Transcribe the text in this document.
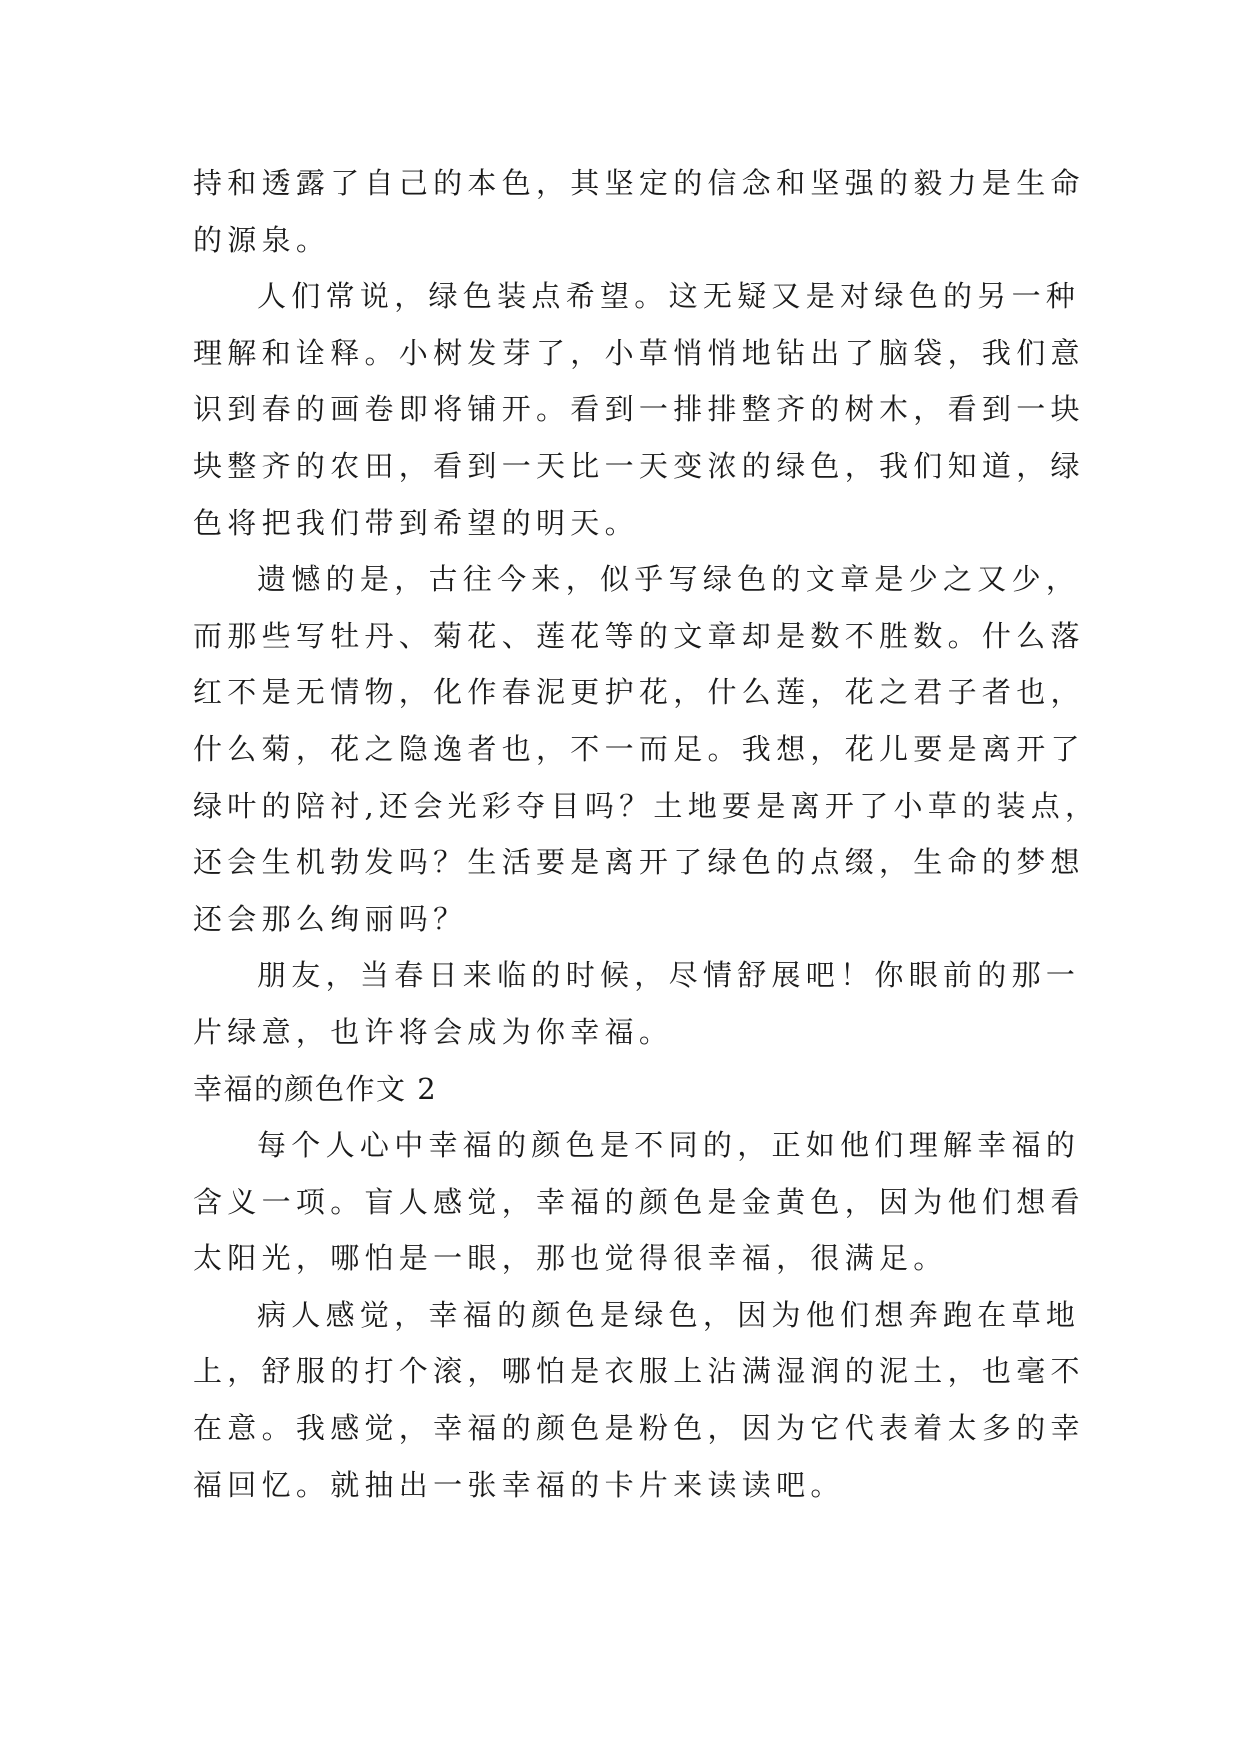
持和透露了自己的本色，其坚定的信念和坚强的毅力是生命
的源泉。
人们常说，绿色装点希望。这无疑又是对绿色的另一种
理解和诠释。小树发芽了，小草悄悄地钻出了脑袋，我们意
识到春的画卷即将铺开。看到一排排整齐的树木，看到一块
块整齐的农田，看到一天比一天变浓的绿色，我们知道，绿
色将把我们带到希望的明天。
遗憾的是，古往今来，似乎写绿色的文章是少之又少，
而那些写牡丹、菊花、莲花等的文章却是数不胜数。什么落
红不是无情物，化作春泥更护花，什么莲，花之君子者也，
什么菊，花之隐逸者也，不一而足。我想，花儿要是离开了
绿叶的陪衬,还会光彩夺目吗？土地要是离开了小草的装点，
还会生机勃发吗？生活要是离开了绿色的点缀，生命的梦想
还会那么绚丽吗？
朋友，当春日来临的时候，尽情舒展吧！你眼前的那一
片绿意，也许将会成为你幸福。
幸福的颜色作文 2
每个人心中幸福的颜色是不同的，正如他们理解幸福的
含义一项。盲人感觉，幸福的颜色是金黄色，因为他们想看
太阳光，哪怕是一眼，那也觉得很幸福，很满足。
病人感觉，幸福的颜色是绿色，因为他们想奔跑在草地
上，舒服的打个滚，哪怕是衣服上沾满湿润的泥土，也毫不
在意。我感觉，幸福的颜色是粉色，因为它代表着太多的幸
福回忆。就抽出一张幸福的卡片来读读吧。
